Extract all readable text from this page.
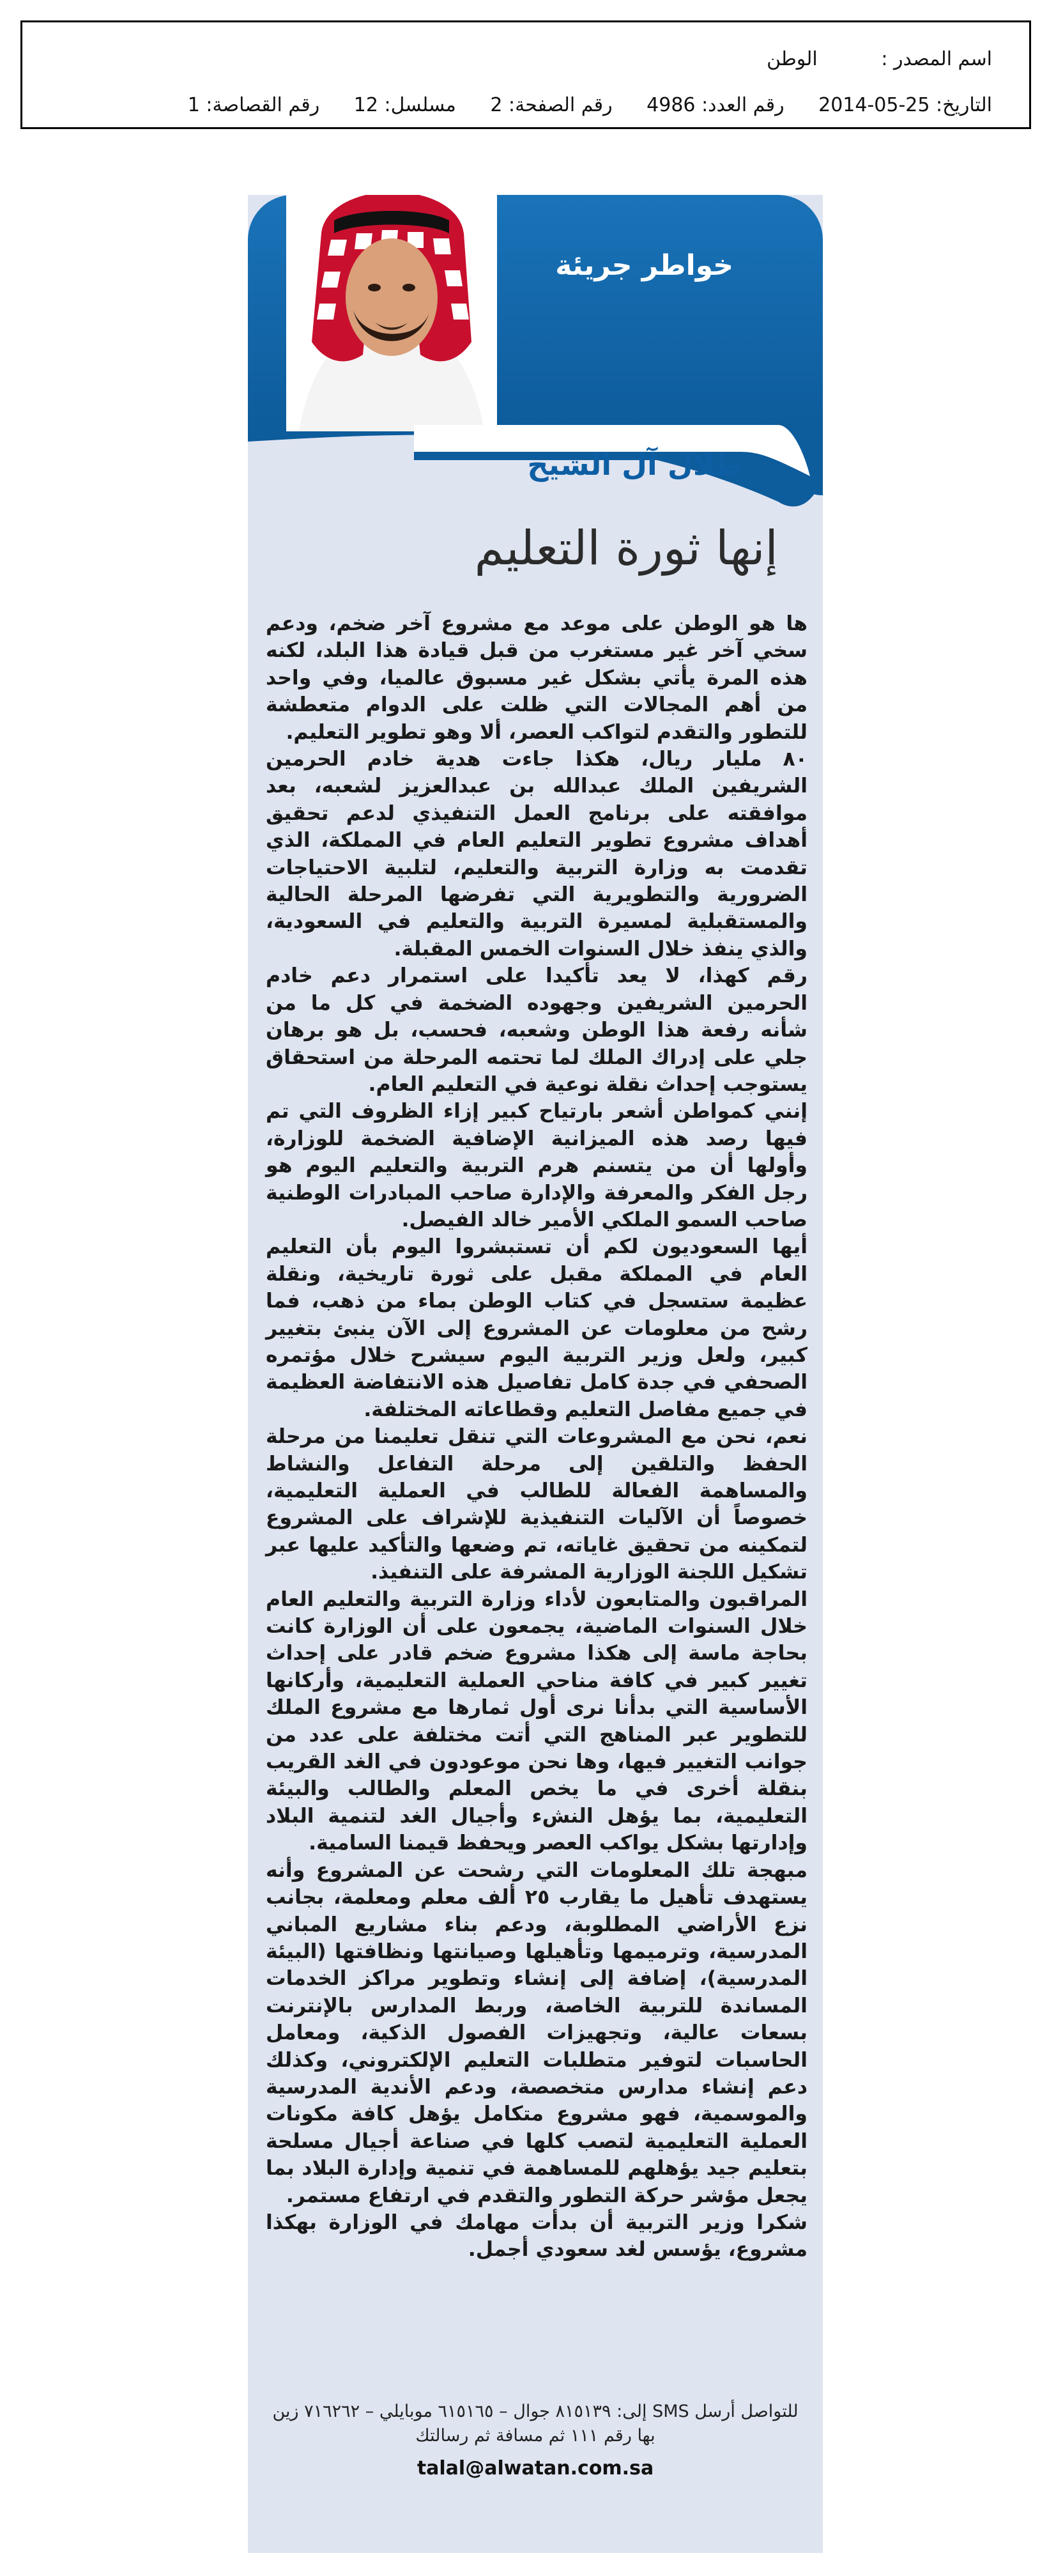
اسم المصدر : الوطن
التاريخ: 2014-05-25 رقم العدد: 4986 رقم الصفحة: 2 مسلسل: 12 رقم القصاصة: 1
خواطر جريئة
طلال آل الشيخ
إنها ثورة التعليم

ها هو الوطن على موعد مع مشروع آخر ضخم، ودعم سخي آخر غير مستغرب من قبل قيادة هذا البلد، لكنه هذه المرة يأتي بشكل غير مسبوق عالميا، وفي واحد من أهم المجالات التي ظلت على الدوام متعطشة للتطور والتقدم لتواكب العصر، ألا وهو تطوير التعليم.

٨٠ مليار ريال، هكذا جاءت هدية خادم الحرمين الشريفين الملك عبدالله بن عبدالعزيز لشعبه، بعد موافقته على برنامج العمل التنفيذي لدعم تحقيق أهداف مشروع تطوير التعليم العام في المملكة، الذي تقدمت به وزارة التربية والتعليم، لتلبية الاحتياجات الضرورية والتطويرية التي تفرضها المرحلة الحالية والمستقبلية لمسيرة التربية والتعليم في السعودية، والذي ينفذ خلال السنوات الخمس المقبلة.

رقم كهذا، لا يعد تأكيدا على استمرار دعم خادم الحرمين الشريفين وجهوده الضخمة في كل ما من شأنه رفعة هذا الوطن وشعبه، فحسب، بل هو برهان جلي على إدراك الملك لما تحتمه المرحلة من استحقاق يستوجب إحداث نقلة نوعية في التعليم العام.

إنني كمواطن أشعر بارتياح كبير إزاء الظروف التي تم فيها رصد هذه الميزانية الإضافية الضخمة للوزارة، وأولها أن من يتسنم هرم التربية والتعليم اليوم هو رجل الفكر والمعرفة والإدارة صاحب المبادرات الوطنية صاحب السمو الملكي الأمير خالد الفيصل.

أيها السعوديون لكم أن تستبشروا اليوم بأن التعليم العام في المملكة مقبل على ثورة تاريخية، ونقلة عظيمة ستسجل في كتاب الوطن بماء من ذهب، فما رشح من معلومات عن المشروع إلى الآن ينبئ بتغيير كبير، ولعل وزير التربية اليوم سيشرح خلال مؤتمره الصحفي في جدة كامل تفاصيل هذه الانتفاضة العظيمة في جميع مفاصل التعليم وقطاعاته المختلفة.

نعم، نحن مع المشروعات التي تنقل تعليمنا من مرحلة الحفظ والتلقين إلى مرحلة التفاعل والنشاط والمساهمة الفعالة للطالب في العملية التعليمية، خصوصاً أن الآليات التنفيذية للإشراف على المشروع لتمكينه من تحقيق غاياته، تم وضعها والتأكيد عليها عبر تشكيل اللجنة الوزارية المشرفة على التنفيذ.

المراقبون والمتابعون لأداء وزارة التربية والتعليم العام خلال السنوات الماضية، يجمعون على أن الوزارة كانت بحاجة ماسة إلى هكذا مشروع ضخم قادر على إحداث تغيير كبير في كافة مناحي العملية التعليمية، وأركانها الأساسية التي بدأنا نرى أول ثمارها مع مشروع الملك للتطوير عبر المناهج التي أتت مختلفة على عدد من جوانب التغيير فيها، وها نحن موعودون في الغد القريب بنقلة أخرى في ما يخص المعلم والطالب والبيئة التعليمية، بما يؤهل النشء وأجيال الغد لتنمية البلاد وإدارتها بشكل يواكب العصر ويحفظ قيمنا السامية.

مبهجة تلك المعلومات التي رشحت عن المشروع وأنه يستهدف تأهيل ما يقارب ٢٥ ألف معلم ومعلمة، بجانب نزع الأراضي المطلوبة، ودعم بناء مشاريع المباني المدرسية، وترميمها وتأهيلها وصيانتها ونظافتها (البيئة المدرسية)، إضافة إلى إنشاء وتطوير مراكز الخدمات المساندة للتربية الخاصة، وربط المدارس بالإنترنت بسعات عالية، وتجهيزات الفصول الذكية، ومعامل الحاسبات لتوفير متطلبات التعليم الإلكتروني، وكذلك دعم إنشاء مدارس متخصصة، ودعم الأندية المدرسية والموسمية، فهو مشروع متكامل يؤهل كافة مكونات العملية التعليمية لتصب كلها في صناعة أجيال مسلحة بتعليم جيد يؤهلهم للمساهمة في تنمية وإدارة البلاد بما يجعل مؤشر حركة التطور والتقدم في ارتفاع مستمر.

شكرا وزير التربية أن بدأت مهامك في الوزارة بهكذا مشروع، يؤسس لغد سعودي أجمل.

للتواصل أرسل SMS إلى: ٨١٥١٣٩ جوال – ٦١٥١٦٥ موبايلي – ٧١٦٢٦٢ زين
بها رقم ١١١ ثم مسافة ثم رسالتك
talal@alwatan.com.sa
